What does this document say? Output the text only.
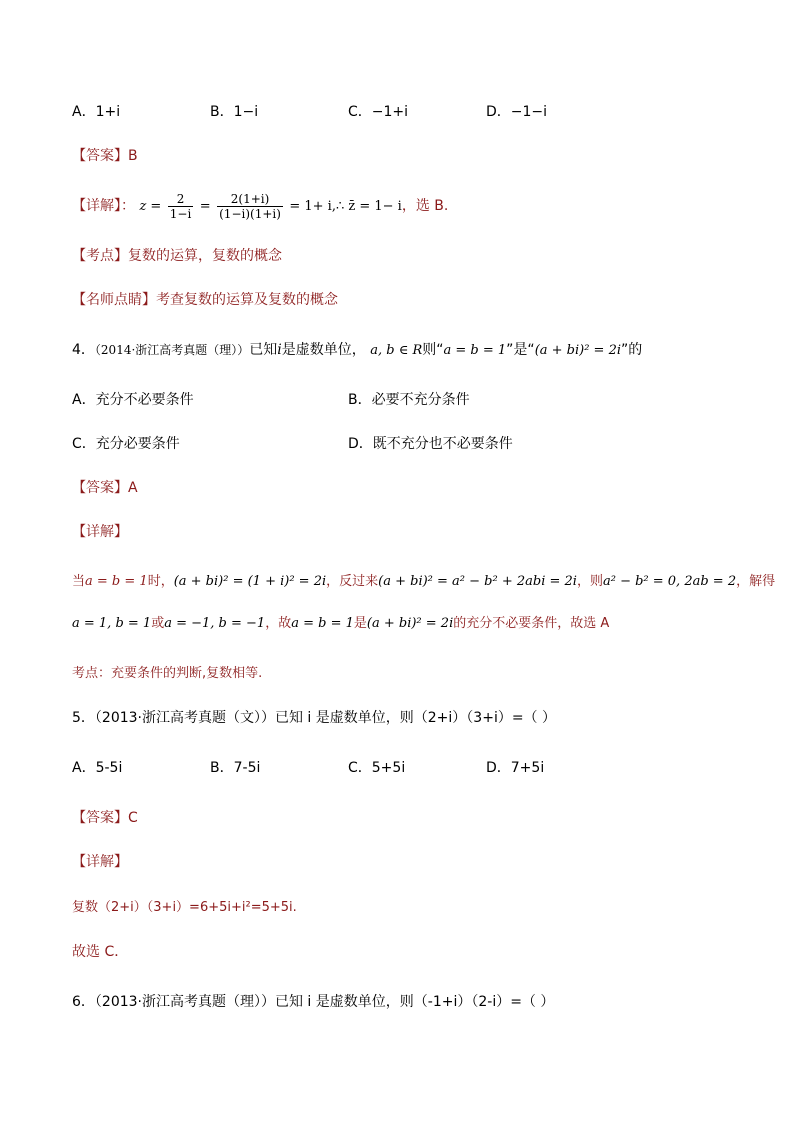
A．1+i	B．1−i	C．−1+i	D．−1−i
【答案】B
【详解】： $z = \frac{2}{1-i} = \frac{2(1+i)}{(1-i)(1+i)} = 1+$ i,∴ z̄ = 1− i，选 B.
【考点】复数的运算，复数的概念
【名师点睛】考查复数的运算及复数的概念
4．（2014·浙江高考真题（理））已知i是虚数单位， a, b ∈ R则“a = b = 1”是“(a + bi)² = 2i”的
A．充分不必要条件	B．必要不充分条件
C．充分必要条件	D．既不充分也不必要条件
【答案】A
【详解】
当a = b = 1时，(a + bi)² = (1 + i)² = 2i，反过来(a + bi)² = a² − b² + 2abi = 2i，则a² − b² = 0, 2ab = 2，解得
a = 1, b = 1或a = −1, b = −1，故a = b = 1是(a + bi)² = 2i的充分不必要条件，故选 A
考点：充要条件的判断,复数相等.
5．（2013·浙江高考真题（文））已知 i 是虚数单位，则（2+i）（3+i）=（ ）
A．5-5i	B．7-5i	C．5+5i	D．7+5i
【答案】C
【详解】
复数（2+i）（3+i）=6+5i+i²=5+5i.
故选 C．
6．（2013·浙江高考真题（理））已知 i 是虚数单位，则（-1+i）（2-i）=（ ）
